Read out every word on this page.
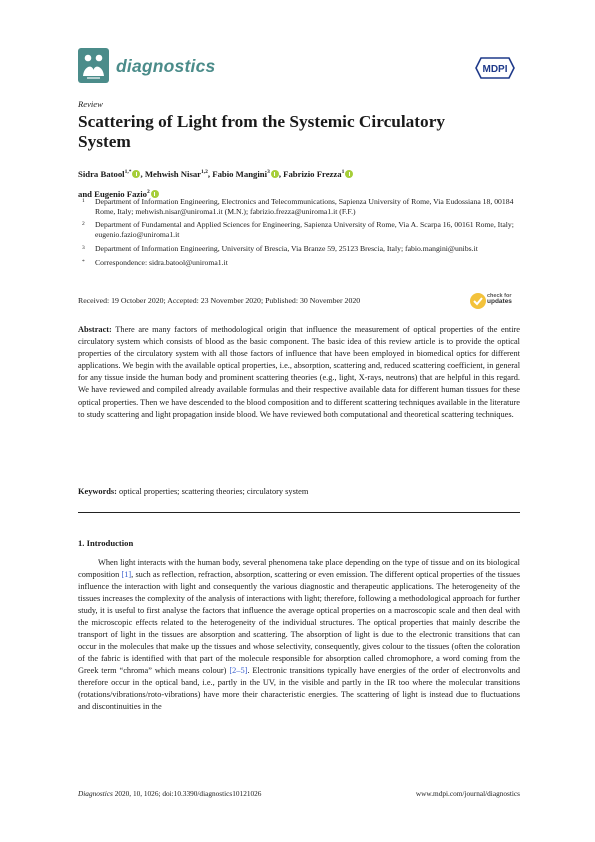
diagnostics	MDPI
Review
Scattering of Light from the Systemic Circulatory System
Sidra Batool$^{1,*}$ , Mehwish Nisar$^{1,2}$, Fabio Mangini$^3$ , Fabrizio Frezza$^1$
and Eugenio Fazio$^2$
1 Department of Information Engineering, Electronics and Telecommunications, Sapienza University of Rome, Via Eudossiana 18, 00184 Rome, Italy; mehwish.nisar@uniroma1.it (M.N.); fabrizio.frezza@uniroma1.it (F.F.)
2 Department of Fundamental and Applied Sciences for Engineering, Sapienza University of Rome, Via A. Scarpa 16, 00161 Rome, Italy; eugenio.fazio@uniroma1.it
3 Department of Information Engineering, University of Brescia, Via Branze 59, 25123 Brescia, Italy; fabio.mangini@unibs.it
* Correspondence: sidra.batool@uniroma1.it
Received: 19 October 2020; Accepted: 23 November 2020; Published: 30 November 2020	check for
updates
Abstract: There are many factors of methodological origin that influence the measurement of optical properties of the entire circulatory system which consists of blood as the basic component. The basic idea of this review article is to provide the optical properties of the circulatory system with all those factors of influence that have been employed in biomedical optics for different applications. We begin with the available optical properties, i.e., absorption, scattering and, reduced scattering coefficient, in general for any tissue inside the human body and prominent scattering theories (e.g., light, X-rays, neutrons) that are helpful in this regard. We have reviewed and compiled already available formulas and their respective available data for different human tissues for these optical properties. Then we have descended to the blood composition and to different scattering techniques available in the literature to study scattering and light propagation inside blood. We have reviewed both computational and theoretical scattering techniques.
Keywords: optical properties; scattering theories; circulatory system
1. Introduction
When light interacts with the human body, several phenomena take place depending on the type of tissue and on its biological composition [1], such as reflection, refraction, absorption, scattering or even emission. The different optical properties of the tissues influence the interaction with light and consequently the various diagnostic and therapeutic applications. The heterogeneity of the tissues increases the complexity of the analysis of interactions with light; therefore, following a methodological approach for further study, it is useful to first analyse the factors that influence the average optical properties on a macroscopic scale and then deal with the microscopic effects related to the heterogeneity of the individual structures. The optical properties that mainly describe the transport of light in the tissues are absorption and scattering. The absorption of light is due to the electronic transitions that can occur in the molecules that make up the tissues and whose selectivity, consequently, gives colour to the tissues (often the coloration of the fabric is identified with that part of the molecule responsible for absorption called chromophore, a word coming from the Greek term “chroma” which means colour) [2–5]. Electronic transitions typically have energies of the order of electronvolts and therefore occur in the optical band, i.e., partly in the UV, in the visible and partly in the IR too where the molecular transitions (rotations/vibrations/roto-vibrations) have more their characteristic energies. The scattering of light is instead due to fluctuations and discontinuities in the
Diagnostics 2020, 10, 1026; doi:10.3390/diagnostics10121026	www.mdpi.com/journal/diagnostics
